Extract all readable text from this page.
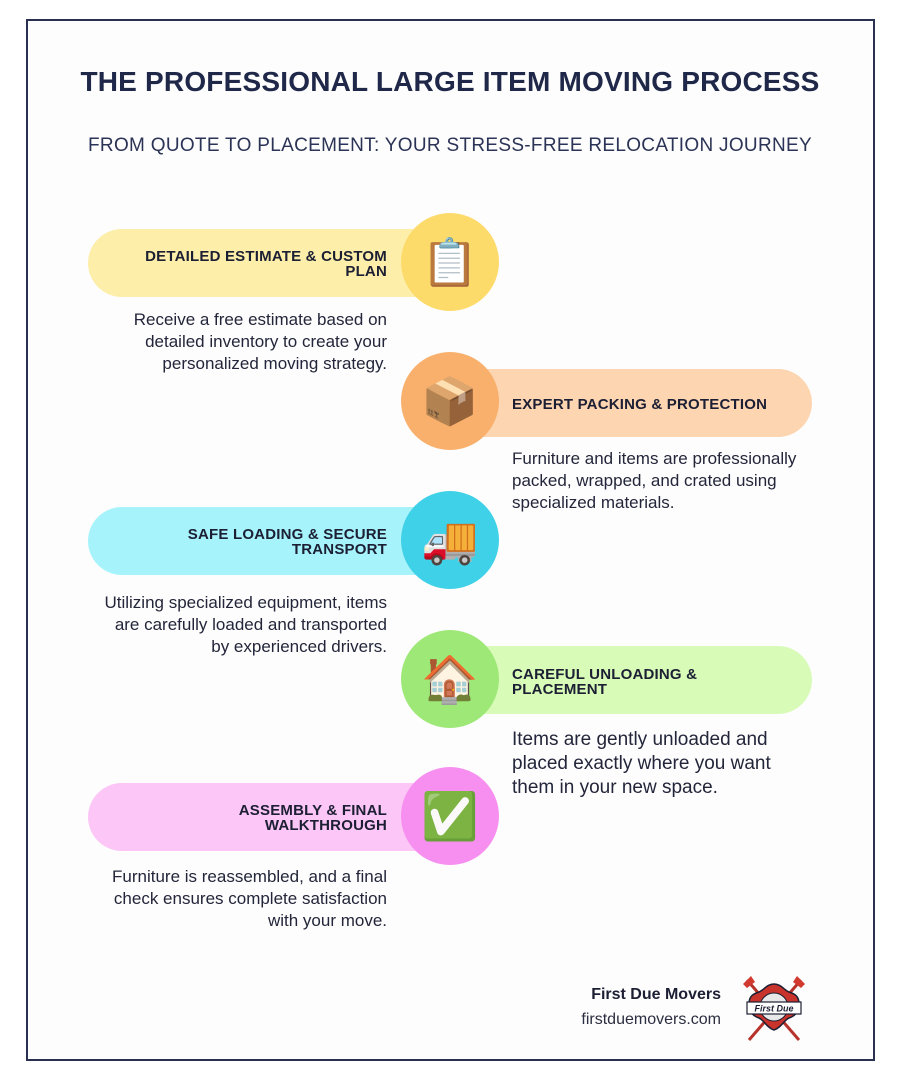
THE PROFESSIONAL LARGE ITEM MOVING PROCESS
FROM QUOTE TO PLACEMENT: YOUR STRESS-FREE RELOCATION JOURNEY
📋
DETAILED ESTIMATE & CUSTOM PLAN
Receive a free estimate based on detailed inventory to create your personalized moving strategy.
📦 EXPERT PACKING & PROTECTION
Furniture and items are professionally packed, wrapped, and crated using specialized materials.
🚚
SAFE LOADING & SECURE TRANSPORT
Utilizing specialized equipment, items are carefully loaded and transported by experienced drivers.
🏠 CAREFUL UNLOADING & PLACEMENT
Items are gently unloaded and placed exactly where you want them in your new space.
✅
ASSEMBLY & FINAL WALKTHROUGH
Furniture is reassembled, and a final check ensures complete satisfaction with your move.
First Due Movers
firstduemovers.com
First Due
